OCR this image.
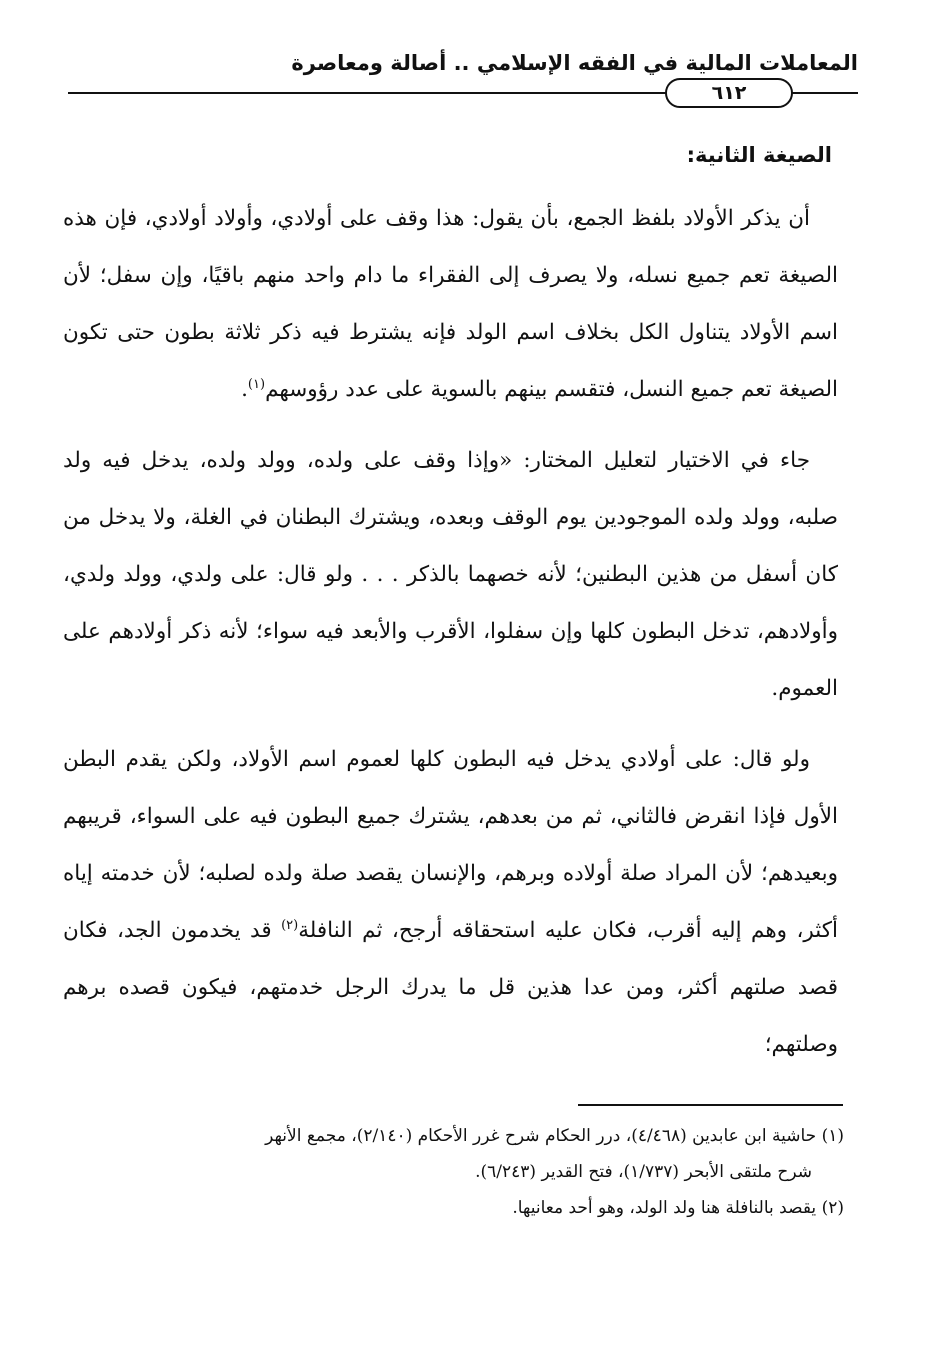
المعاملات المالية في الفقه الإسلامي .. أصالة ومعاصرة
٦١٢
الصيغة الثانية:

أن يذكر الأولاد بلفظ الجمع، بأن يقول: هذا وقف على أولادي، وأولاد أولادي، فإن هذه الصيغة تعم جميع نسله، ولا يصرف إلى الفقراء ما دام واحد منهم باقيًا، وإن سفل؛ لأن اسم الأولاد يتناول الكل بخلاف اسم الولد فإنه يشترط فيه ذكر ثلاثة بطون حتى تكون الصيغة تعم جميع النسل، فتقسم بينهم بالسوية على عدد رؤوسهم$^{(١)}$.

جاء في الاختيار لتعليل المختار: «وإذا وقف على ولده، وولد ولده، يدخل فيه ولد صلبه، وولد ولده الموجودين يوم الوقف وبعده، ويشترك البطنان في الغلة، ولا يدخل من كان أسفل من هذين البطنين؛ لأنه خصهما بالذكر . . . ولو قال: على ولدي، وولد ولدي، وأولادهم، تدخل البطون كلها وإن سفلوا، الأقرب والأبعد فيه سواء؛ لأنه ذكر أولادهم على العموم.

ولو قال: على أولادي يدخل فيه البطون كلها لعموم اسم الأولاد، ولكن يقدم البطن الأول فإذا انقرض فالثاني، ثم من بعدهم، يشترك جميع البطون فيه على السواء، قريبهم وبعيدهم؛ لأن المراد صلة أولاده وبرهم، والإنسان يقصد صلة ولده لصلبه؛ لأن خدمته إياه أكثر، وهم إليه أقرب، فكان عليه استحقاقه أرجح، ثم النافلة$^{(٢)}$ قد يخدمون الجد، فكان قصد صلتهم أكثر، ومن عدا هذين قل ما يدرك الرجل خدمتهم، فيكون قصده برهم وصلتهم؛

(١) حاشية ابن عابدين (٤/٤٦٨)، درر الحكام شرح غرر الأحكام (٢/١٤٠)، مجمع الأنهر
شرح ملتقى الأبحر (١/٧٣٧)، فتح القدير (٦/٢٤٣).

(٢) يقصد بالنافلة هنا ولد الولد، وهو أحد معانيها.
